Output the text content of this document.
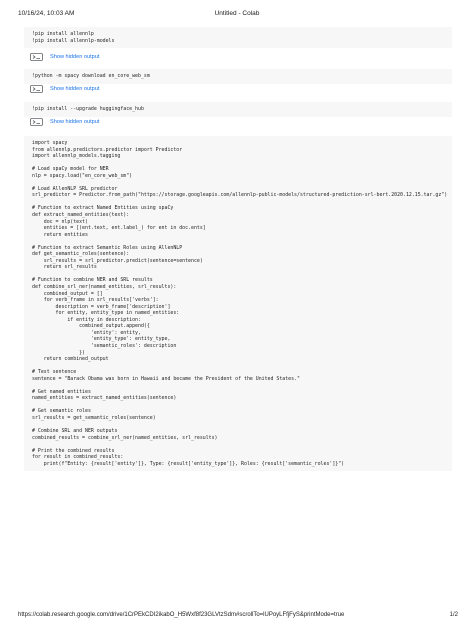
10/16/24, 10:03 AM	Untitled - Colab
!pip install allennlp
!pip install allennlp-models
Show hidden output
!python -m spacy download en_core_web_sm
Show hidden output
!pip install --upgrade huggingface_hub
Show hidden output
import spacy
from allennlp.predictors.predictor import Predictor
import allennlp_models.tagging

# Load spaCy model for NER
nlp = spacy.load("en_core_web_sm")

# Load AllenNLP SRL predictor
srl_predictor = Predictor.from_path("https://storage.googleapis.com/allennlp-public-models/structured-prediction-srl-bert.2020.12.15.tar.gz")

# Function to extract Named Entities using spaCy
def extract_named_entities(text):
doc = nlp(text)
entities = [(ent.text, ent.label_) for ent in doc.ents]
return entities

# Function to extract Semantic Roles using AllenNLP
def get_semantic_roles(sentence):
srl_results = srl_predictor.predict(sentence=sentence)
return srl_results

# Function to combine NER and SRL results
def combine_srl_ner(named_entities, srl_results):
combined_output = []
for verb_frame in srl_results['verbs']:
description = verb_frame['description']
for entity, entity_type in named_entities:
if entity in description:
combined_output.append({
'entity': entity,
'entity_type': entity_type,
'semantic_roles': description
})
return combined_output

# Test sentence
sentence = "Barack Obama was born in Hawaii and became the President of the United States."

# Get named entities
named_entities = extract_named_entities(sentence)

# Get semantic roles
srl_results = get_semantic_roles(sentence)

# Combine SRL and NER outputs
combined_results = combine_srl_ner(named_entities, srl_results)

# Print the combined results
for result in combined_results:
print(f"Entity: {result['entity']}, Type: {result['entity_type']}, Roles: {result['semantic_roles']}")
https://colab.research.google.com/drive/1CrPEkCDI2ikabO_H5Wxf8f23GLVtzSdm#scrollTo=lUPoyLFfjFyS&printMode=true	1/2
